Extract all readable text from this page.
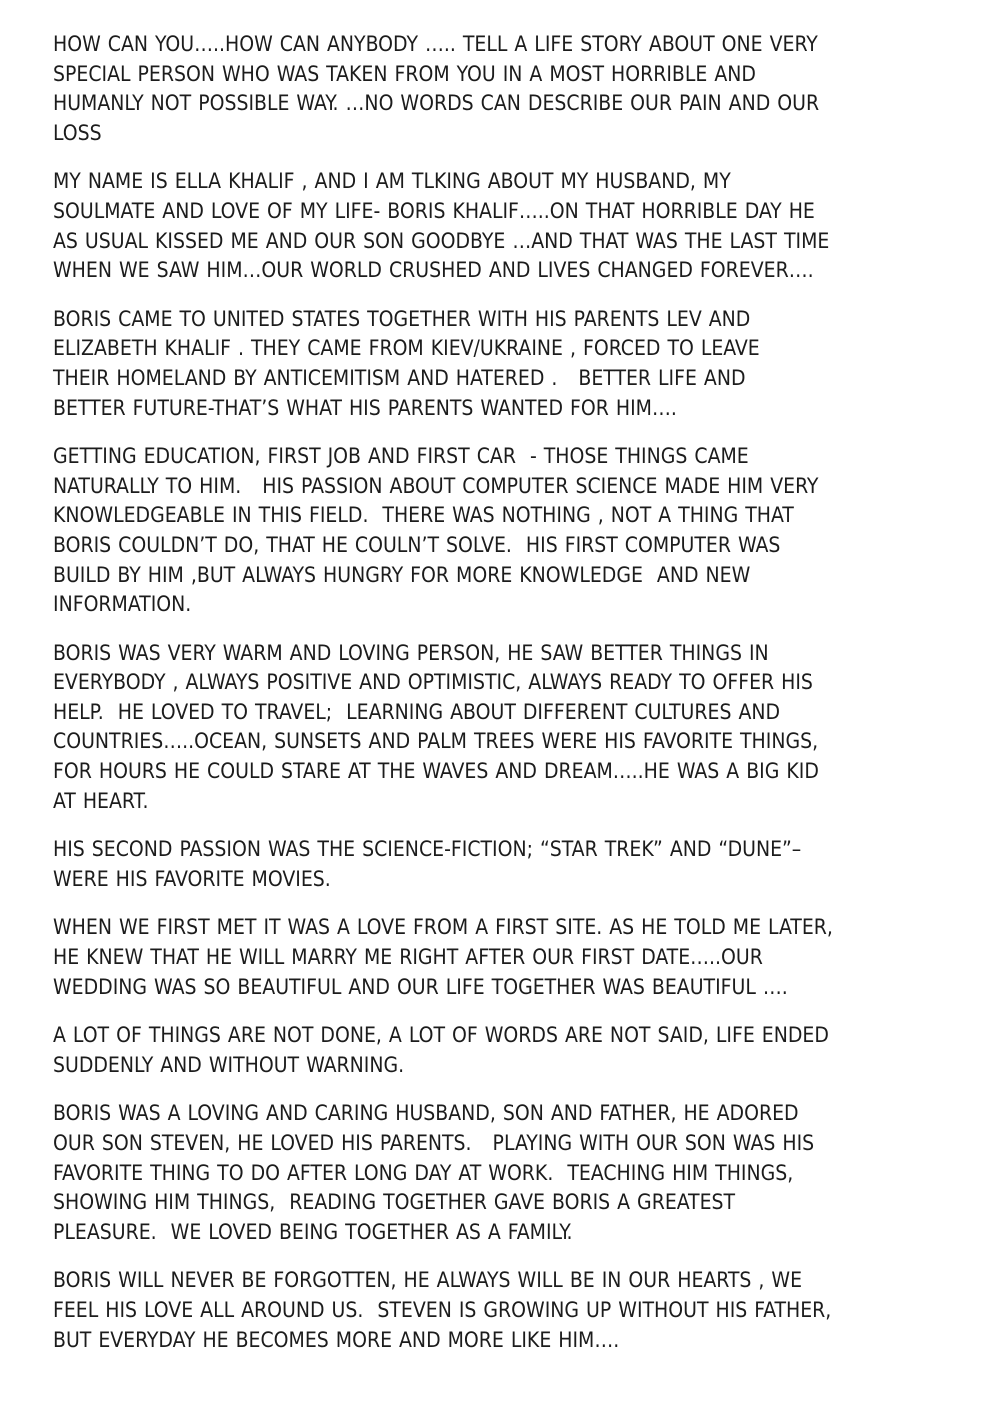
HOW CAN YOU…..HOW CAN ANYBODY ….. TELL A LIFE STORY ABOUT ONE VERY
SPECIAL PERSON WHO WAS TAKEN FROM YOU IN A MOST HORRIBLE AND
HUMANLY NOT POSSIBLE WAY. …NO WORDS CAN DESCRIBE OUR PAIN AND OUR
LOSS
MY NAME IS ELLA KHALIF , AND I AM TLKING ABOUT MY HUSBAND, MY
SOULMATE AND LOVE OF MY LIFE- BORIS KHALIF…..ON THAT HORRIBLE DAY HE
AS USUAL KISSED ME AND OUR SON GOODBYE …AND THAT WAS THE LAST TIME
WHEN WE SAW HIM…OUR WORLD CRUSHED AND LIVES CHANGED FOREVER….
BORIS CAME TO UNITED STATES TOGETHER WITH HIS PARENTS LEV AND
ELIZABETH KHALIF . THEY CAME FROM KIEV/UKRAINE , FORCED TO LEAVE
THEIR HOMELAND BY ANTICEMITISM AND HATERED .   BETTER LIFE AND
BETTER FUTURE-THAT’S WHAT HIS PARENTS WANTED FOR HIM….
GETTING EDUCATION, FIRST JOB AND FIRST CAR  - THOSE THINGS CAME
NATURALLY TO HIM.   HIS PASSION ABOUT COMPUTER SCIENCE MADE HIM VERY
KNOWLEDGEABLE IN THIS FIELD.  THERE WAS NOTHING , NOT A THING THAT
BORIS COULDN’T DO, THAT HE COULN’T SOLVE.  HIS FIRST COMPUTER WAS
BUILD BY HIM ,BUT ALWAYS HUNGRY FOR MORE KNOWLEDGE  AND NEW
INFORMATION.
BORIS WAS VERY WARM AND LOVING PERSON, HE SAW BETTER THINGS IN
EVERYBODY , ALWAYS POSITIVE AND OPTIMISTIC, ALWAYS READY TO OFFER HIS
HELP.  HE LOVED TO TRAVEL;  LEARNING ABOUT DIFFERENT CULTURES AND
COUNTRIES…..OCEAN, SUNSETS AND PALM TREES WERE HIS FAVORITE THINGS,
FOR HOURS HE COULD STARE AT THE WAVES AND DREAM…..HE WAS A BIG KID
AT HEART.
HIS SECOND PASSION WAS THE SCIENCE-FICTION; “STAR TREK” AND “DUNE”–
WERE HIS FAVORITE MOVIES.
WHEN WE FIRST MET IT WAS A LOVE FROM A FIRST SITE. AS HE TOLD ME LATER,
HE KNEW THAT HE WILL MARRY ME RIGHT AFTER OUR FIRST DATE…..OUR
WEDDING WAS SO BEAUTIFUL AND OUR LIFE TOGETHER WAS BEAUTIFUL ….
A LOT OF THINGS ARE NOT DONE, A LOT OF WORDS ARE NOT SAID, LIFE ENDED
SUDDENLY AND WITHOUT WARNING.
BORIS WAS A LOVING AND CARING HUSBAND, SON AND FATHER, HE ADORED
OUR SON STEVEN, HE LOVED HIS PARENTS.   PLAYING WITH OUR SON WAS HIS
FAVORITE THING TO DO AFTER LONG DAY AT WORK.  TEACHING HIM THINGS,
SHOWING HIM THINGS,  READING TOGETHER GAVE BORIS A GREATEST
PLEASURE.  WE LOVED BEING TOGETHER AS A FAMILY.
BORIS WILL NEVER BE FORGOTTEN, HE ALWAYS WILL BE IN OUR HEARTS , WE
FEEL HIS LOVE ALL AROUND US.  STEVEN IS GROWING UP WITHOUT HIS FATHER,
BUT EVERYDAY HE BECOMES MORE AND MORE LIKE HIM….
